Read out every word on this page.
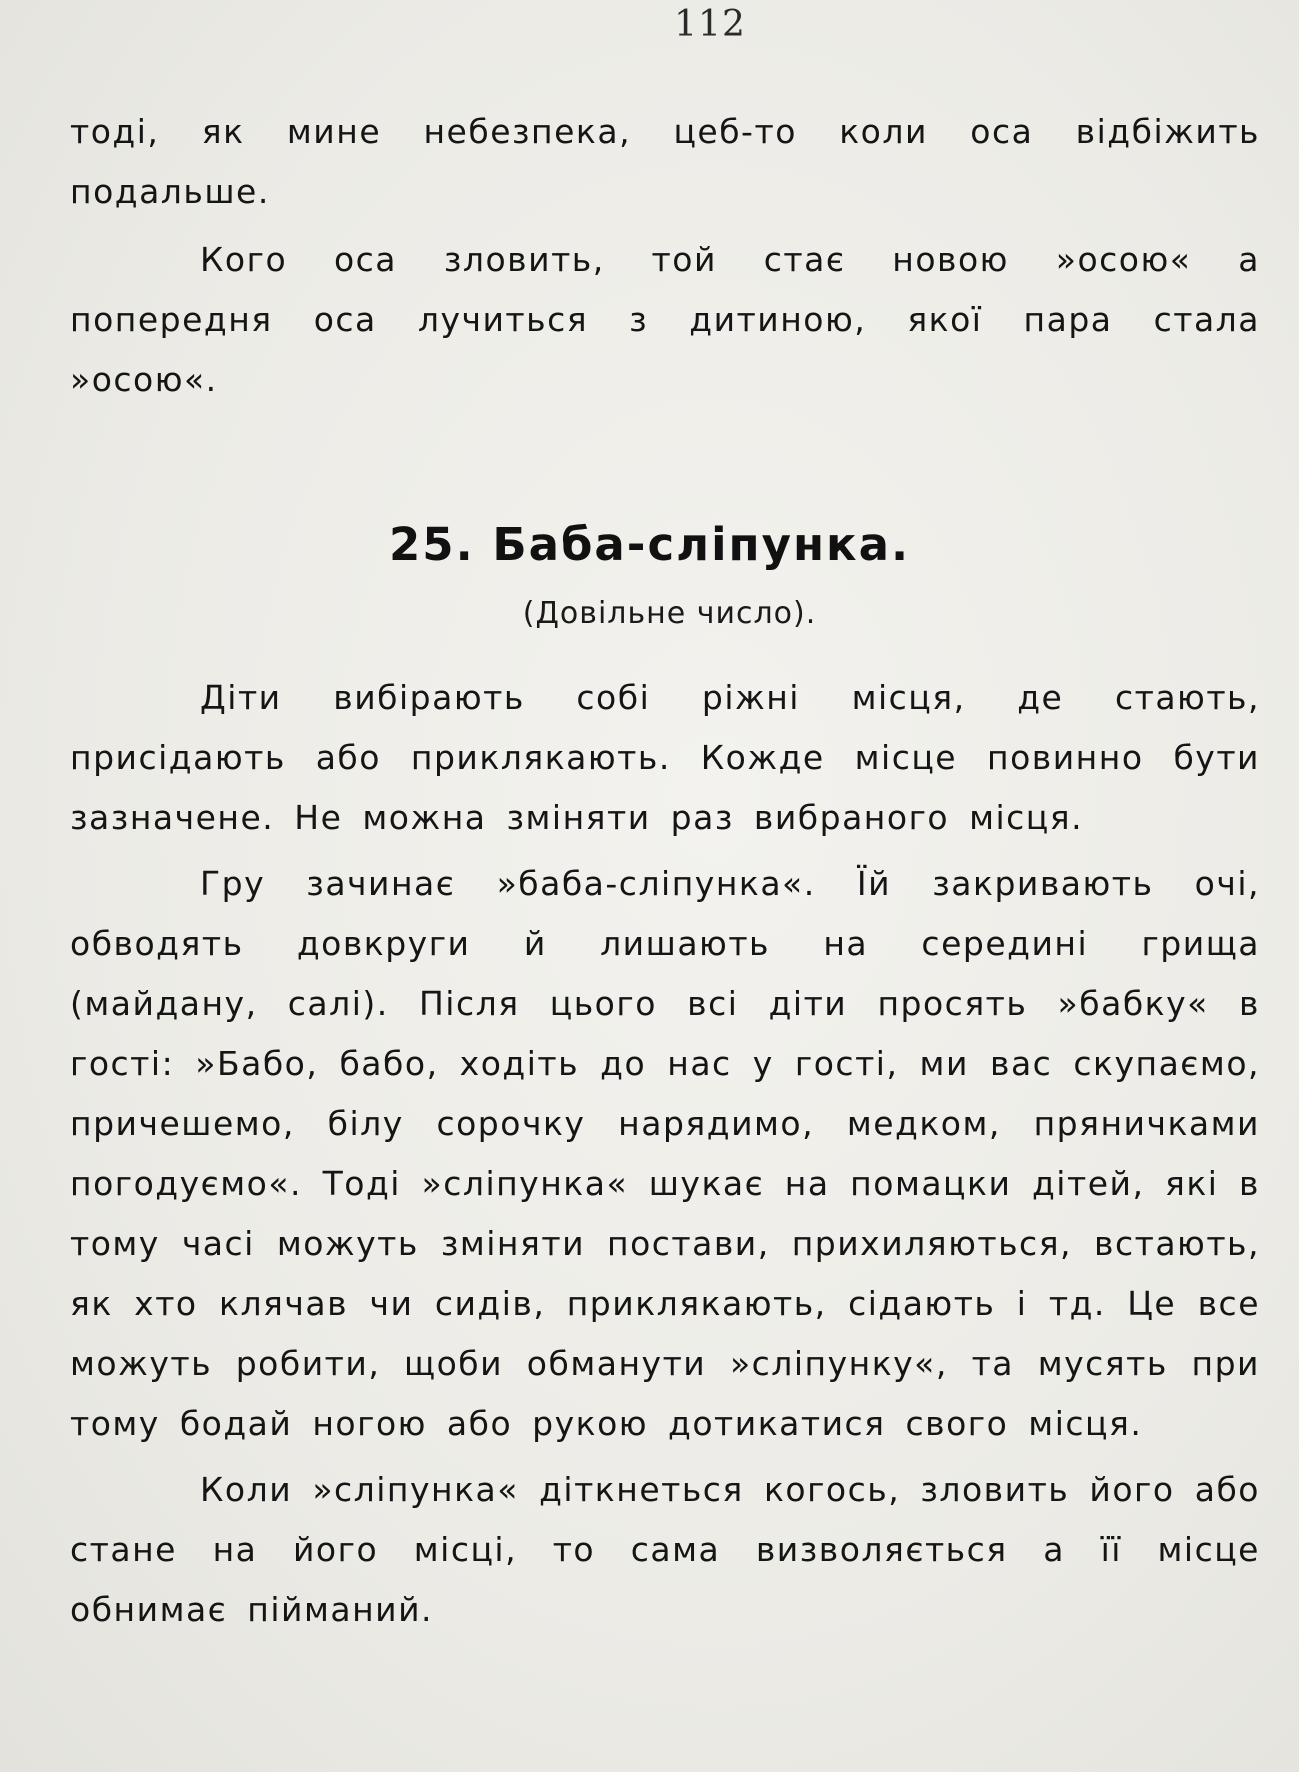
112

тоді, як мине небезпека, цеб-то коли оса відбіжить подальше.

Кого оса зловить, той стає новою »осою« а попередня оса лучиться з дитиною, якої пара стала »осою«.

25. Баба-сліпунка.
(Довільне число).

Діти вибірають собі ріжні місця, де стають, присідають або приклякають. Кожде місце повинно бути зазначене. Не можна зміняти раз вибраного місця.

Гру зачинає »баба-сліпунка«. Їй закривають очі, обводять довкруги й лишають на середині грища (майдану, салі). Після цього всі діти просять »бабку« в гості: »Бабо, бабо, ходіть до нас у гості, ми вас скупаємо, причешемо, білу сорочку нарядимо, медком, пряничками погодуємо«. Тоді »сліпунка« шукає на помацки дітей, які в тому часі можуть зміняти постави, прихиляються, встають, як хто клячав чи сидів, приклякають, сідають і тд. Це все можуть робити, щоби обманути »сліпунку«, та мусять при тому бодай ногою або рукою дотикатися свого місця.

Коли »сліпунка« діткнеться когось, зловить його або стане на його місці, то сама визволяється а її місце обнимає пійманий.
